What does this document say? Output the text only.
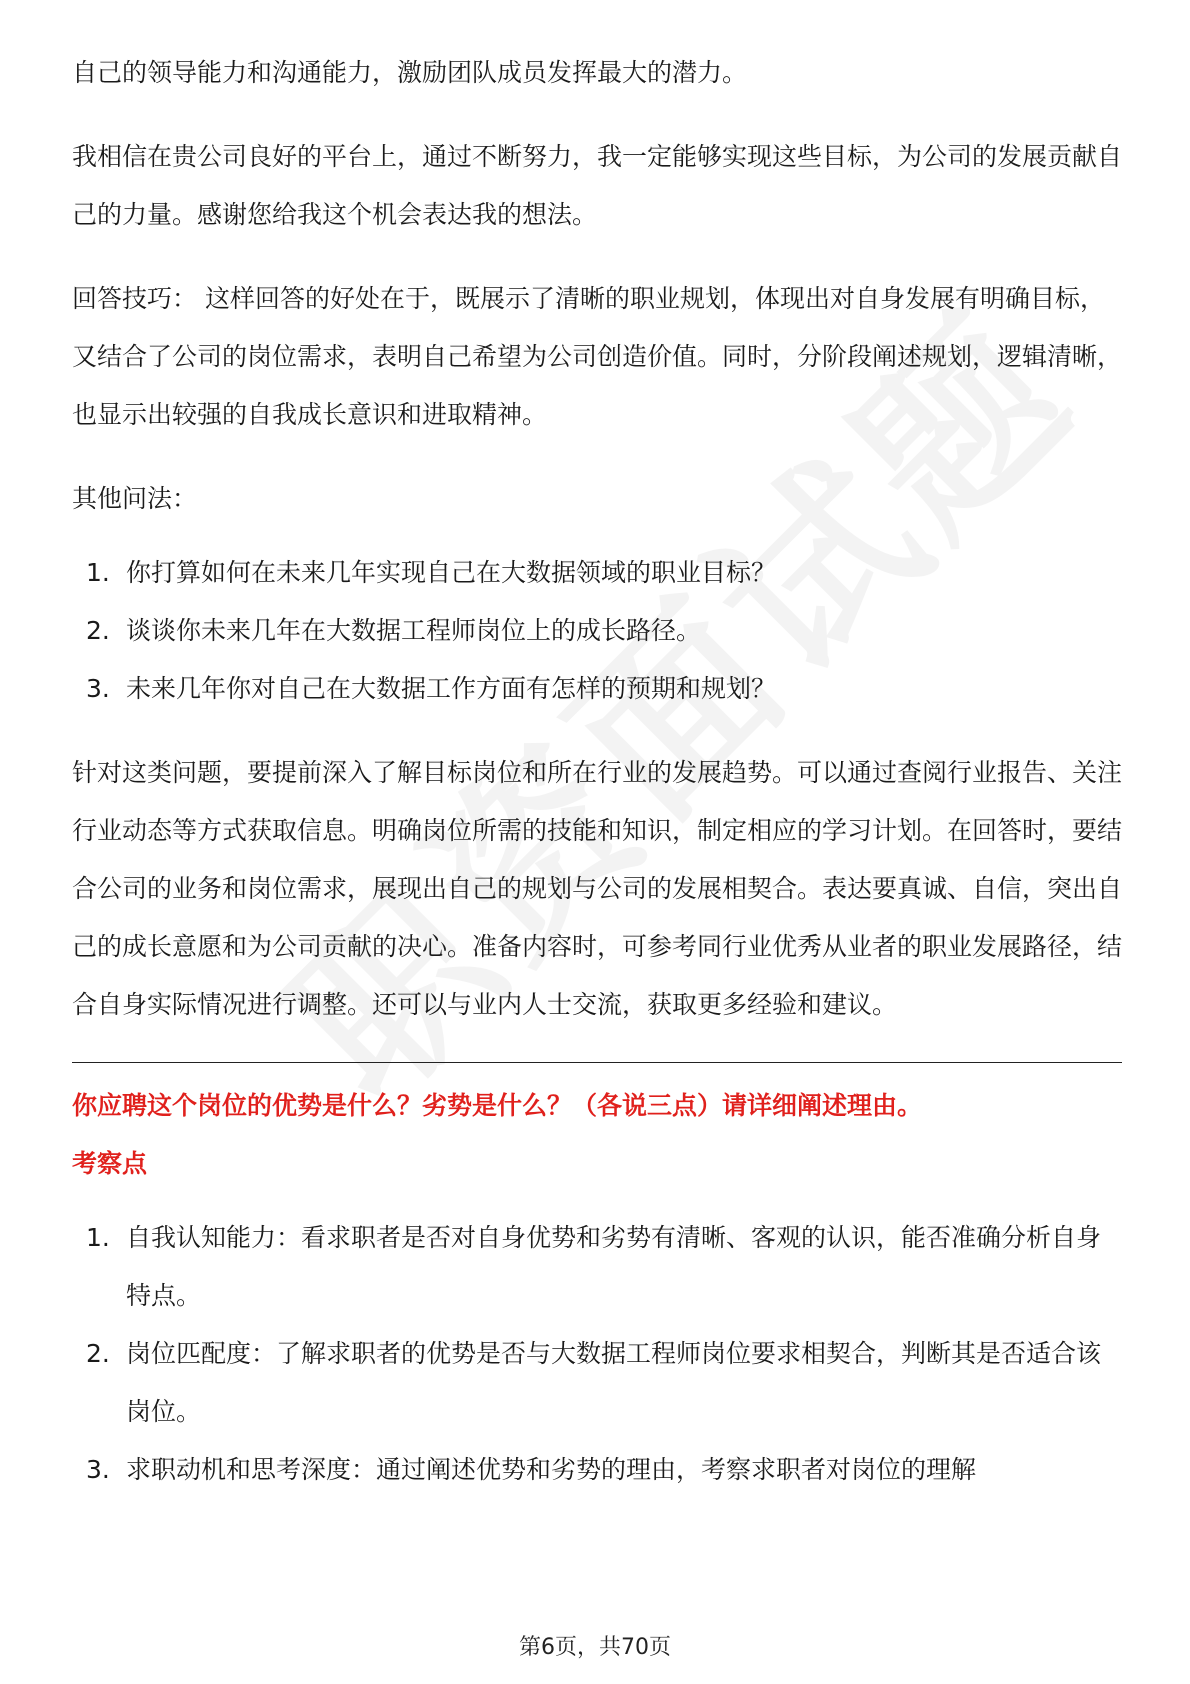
自己的领导能力和沟通能力，激励团队成员发挥最大的潜力。

我相信在贵公司良好的平台上，通过不断努力，我一定能够实现这些目标，为公司的发展贡献自己的力量。感谢您给我这个机会表达我的想法。

回答技巧： 这样回答的好处在于，既展示了清晰的职业规划，体现出对自身发展有明确目标，又结合了公司的岗位需求，表明自己希望为公司创造价值。同时，分阶段阐述规划，逻辑清晰，也显示出较强的自我成长意识和进取精神。

其他问法：

1. 你打算如何在未来几年实现自己在大数据领域的职业目标？
2. 谈谈你未来几年在大数据工程师岗位上的成长路径。
3. 未来几年你对自己在大数据工作方面有怎样的预期和规划？

针对这类问题，要提前深入了解目标岗位和所在行业的发展趋势。可以通过查阅行业报告、关注行业动态等方式获取信息。明确岗位所需的技能和知识，制定相应的学习计划。在回答时，要结合公司的业务和岗位需求，展现出自己的规划与公司的发展相契合。表达要真诚、自信，突出自己的成长意愿和为公司贡献的决心。准备内容时，可参考同行业优秀从业者的职业发展路径，结合自身实际情况进行调整。还可以与业内人士交流，获取更多经验和建议。

你应聘这个岗位的优势是什么？劣势是什么？（各说三点）请详细阐述理由。

考察点

1. 自我认知能力：看求职者是否对自身优势和劣势有清晰、客观的认识，能否准确分析自身特点。
2. 岗位匹配度：了解求职者的优势是否与大数据工程师岗位要求相契合，判断其是否适合该岗位。
3. 求职动机和思考深度：通过阐述优势和劣势的理由，考察求职者对岗位的理解
第6页，共70页
